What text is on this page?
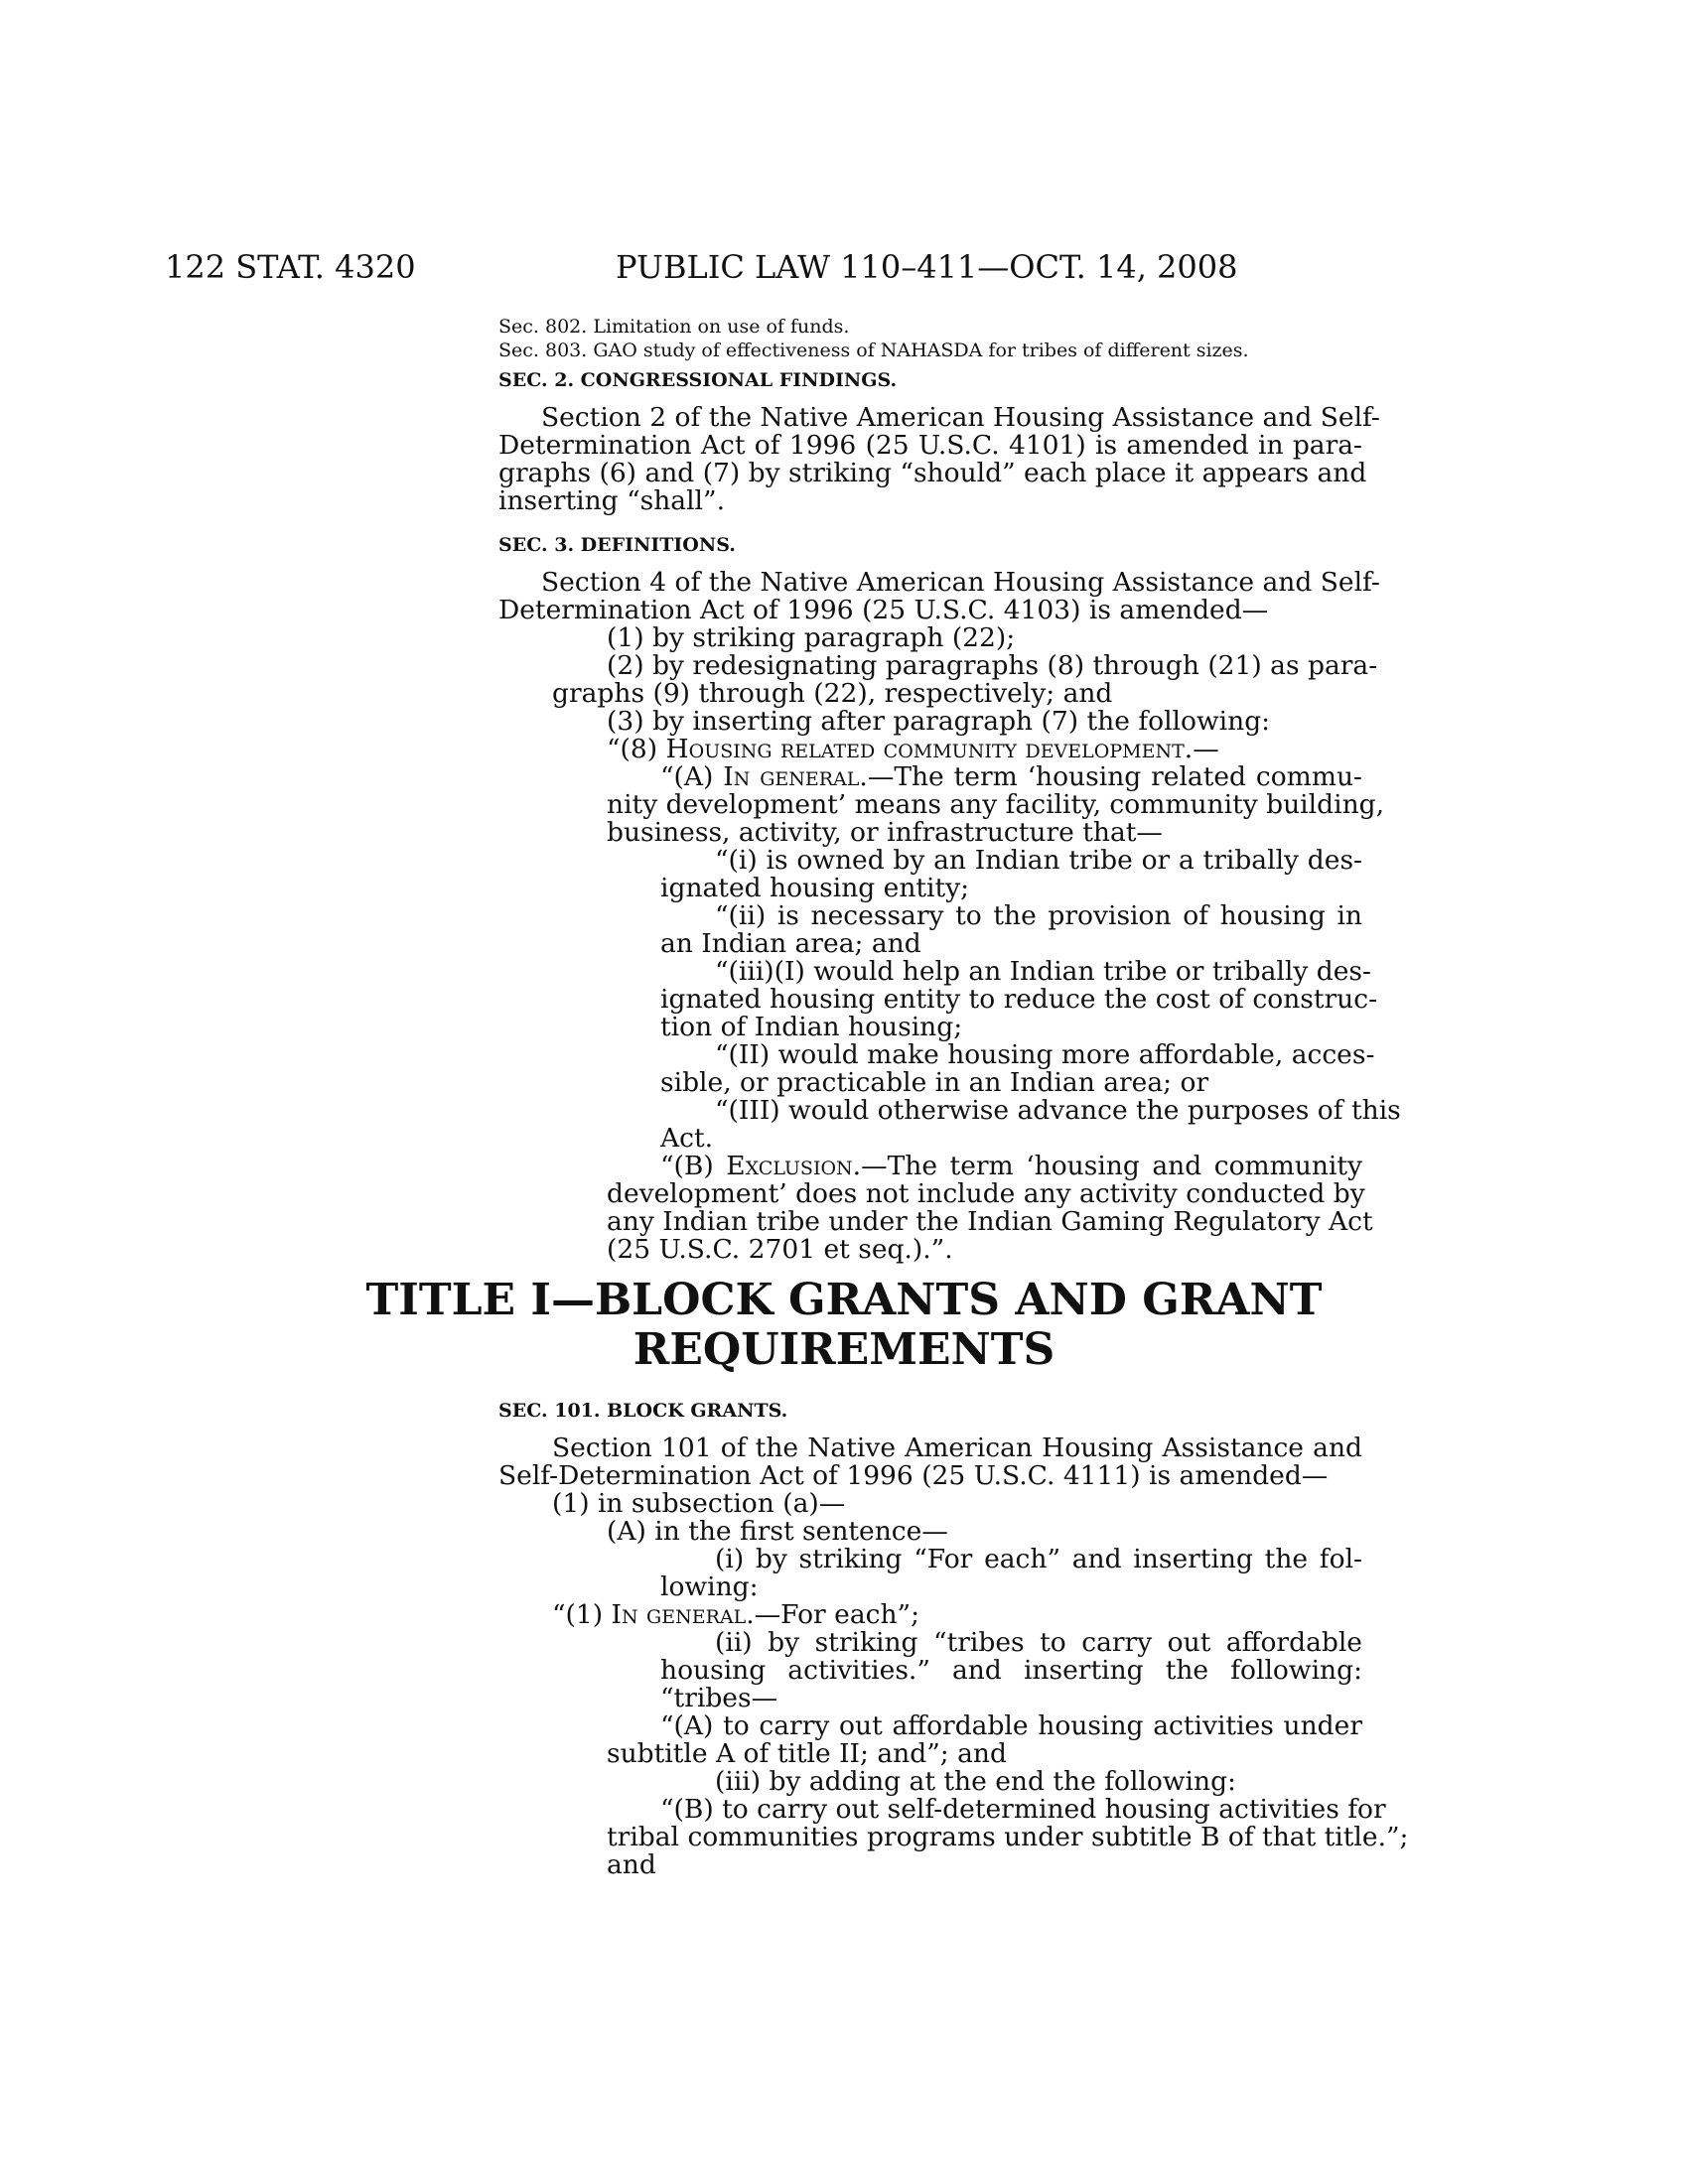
122 STAT. 4320	PUBLIC LAW 110–411—OCT. 14, 2008
Sec. 802. Limitation on use of funds.
Sec. 803. GAO study of effectiveness of NAHASDA for tribes of different sizes.
SEC. 2. CONGRESSIONAL FINDINGS.
Section 2 of the Native American Housing Assistance and Self-
Determination Act of 1996 (25 U.S.C. 4101) is amended in para-
graphs (6) and (7) by striking “should” each place it appears and
inserting “shall”.
SEC. 3. DEFINITIONS.
Section 4 of the Native American Housing Assistance and Self-
Determination Act of 1996 (25 U.S.C. 4103) is amended—
(1) by striking paragraph (22);
(2) by redesignating paragraphs (8) through (21) as para-
graphs (9) through (22), respectively; and
(3) by inserting after paragraph (7) the following:
“(8) Housing related community development.—
“(A) In general.—The term ‘housing related commu-
nity development’ means any facility, community building,
business, activity, or infrastructure that—
“(i) is owned by an Indian tribe or a tribally des-
ignated housing entity;
“(ii) is necessary to the provision of housing in
an Indian area; and
“(iii)(I) would help an Indian tribe or tribally des-
ignated housing entity to reduce the cost of construc-
tion of Indian housing;
“(II) would make housing more affordable, acces-
sible, or practicable in an Indian area; or
“(III) would otherwise advance the purposes of this
Act.
“(B) Exclusion.—The term ‘housing and community
development’ does not include any activity conducted by
any Indian tribe under the Indian Gaming Regulatory Act
(25 U.S.C. 2701 et seq.).”.
TITLE I—BLOCK GRANTS AND GRANT
REQUIREMENTS
SEC. 101. BLOCK GRANTS.
Section 101 of the Native American Housing Assistance and
Self-Determination Act of 1996 (25 U.S.C. 4111) is amended—
(1) in subsection (a)—
(A) in the first sentence—
(i) by striking “For each” and inserting the fol-
lowing:
“(1) In general.—For each”;
(ii) by striking “tribes to carry out affordable
housing activities.” and inserting the following:
“tribes—
“(A) to carry out affordable housing activities under
subtitle A of title II; and”; and
(iii) by adding at the end the following:
“(B) to carry out self-determined housing activities for
tribal communities programs under subtitle B of that title.”;
and
